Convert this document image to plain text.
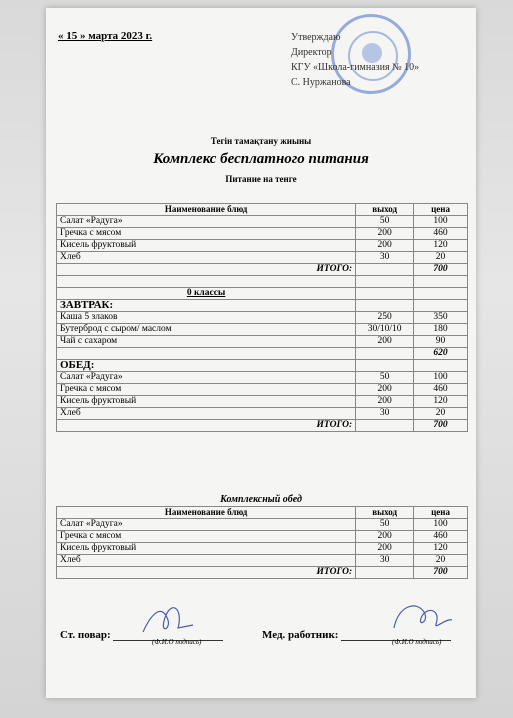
« 15 » марта 2023 г.	Утверждаю
Директор
КГУ «Школа-гимназия № 10»
С. Нуржанова
Тегін тамақтану жиыны
Комплекс бесплатного питания
Питание на тенге
Наименование блюд	выход	цена
Салат «Радуга»	50	100
Гречка с мясом	200	460
Кисель фруктовый	200	120
Хлеб	30	20
ИТОГО:		700

0 классы		
ЗАВТРАК:		
Каша 5 злаков	250	350
Бутерброд с сыром/ маслом	30/10/10	180
Чай с сахаром	200	90
		620
ОБЕД:		
Салат «Радуга»	50	100
Гречка с мясом	200	460
Кисель фруктовый	200	120
Хлеб	30	20
ИТОГО:		700
Комплексный обед
Наименование блюд	выход	цена
Салат «Радуга»	50	100
Гречка с мясом	200	460
Кисель фруктовый	200	120
Хлеб	30	20
ИТОГО:		700
Ст. повар:
(Ф.И.О подпись)
Мед. работник:
(Ф.И.О подпись)
